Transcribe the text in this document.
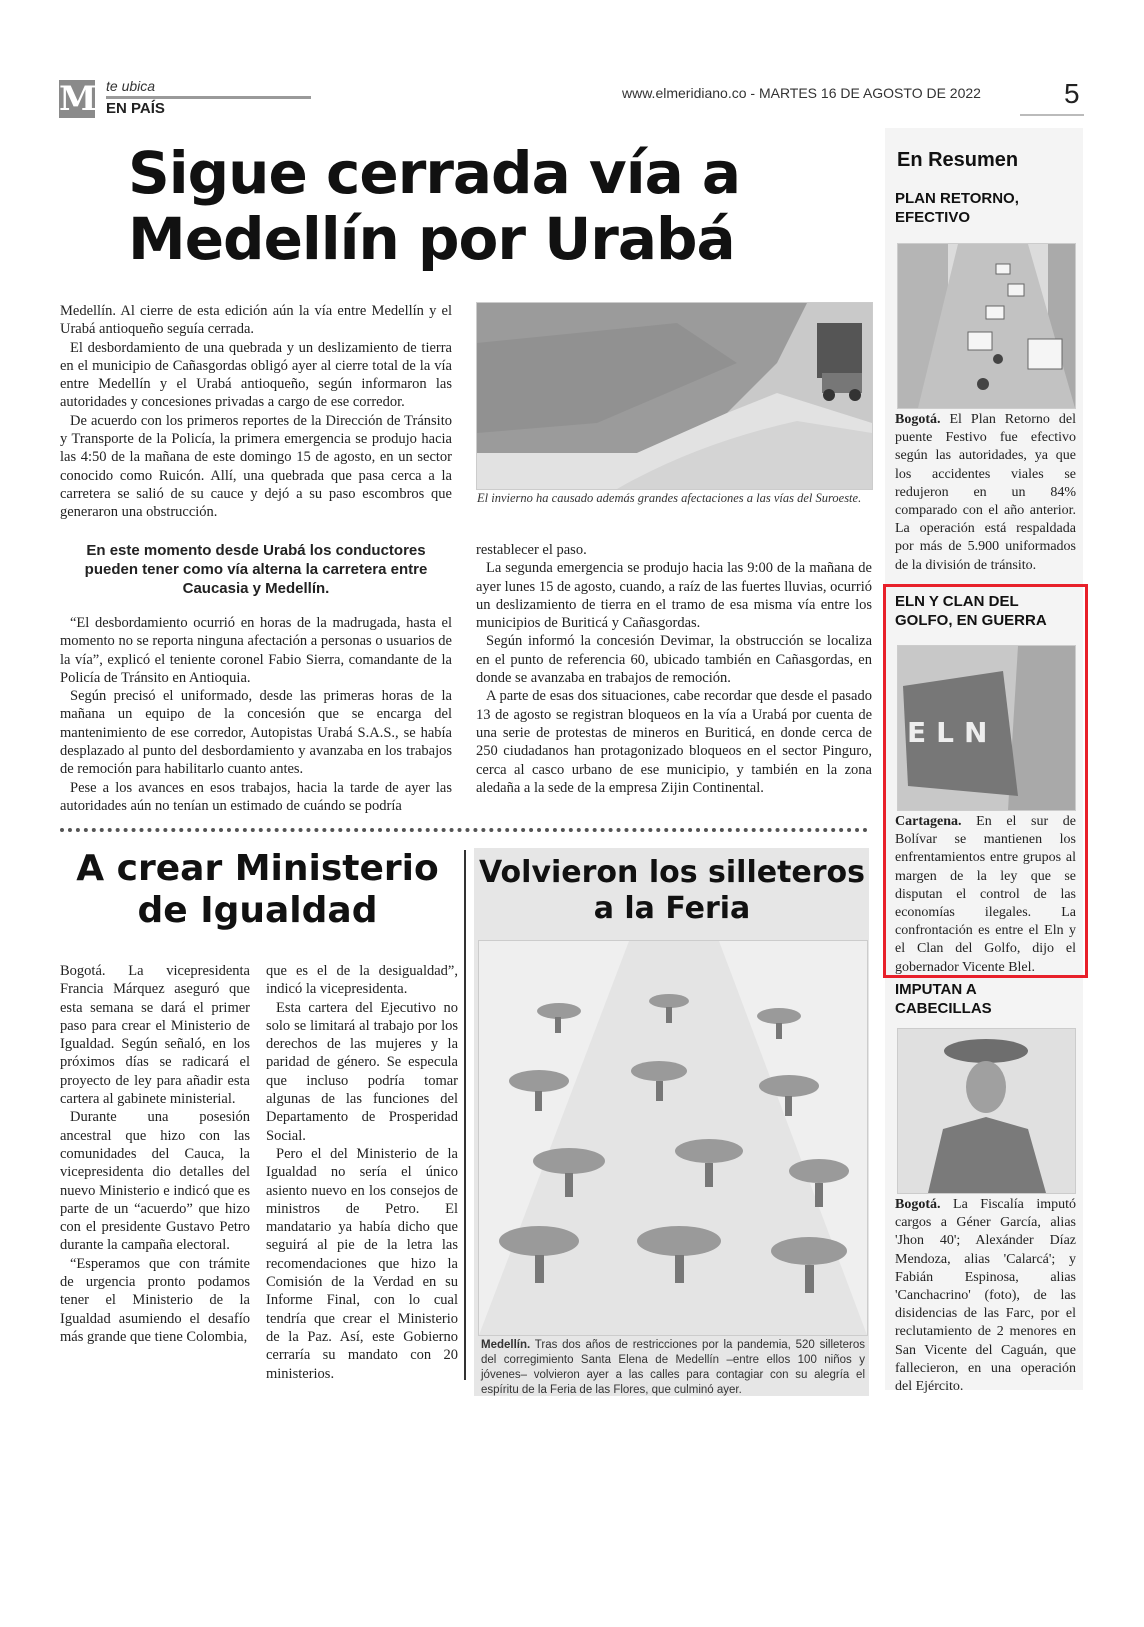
M te ubica
EN PAÍS
www.elmeridiano.co - MARTES 16 DE AGOSTO DE 2022	5
Sigue cerrada vía a Medellín por Urabá

Medellín. Al cierre de esta edición aún la vía entre Medellín y el Urabá antioqueño seguía cerrada.

El desbordamiento de una quebrada y un deslizamiento de tierra en el municipio de Cañasgordas obligó ayer al cierre total de la vía entre Medellín y el Urabá antioqueño, según informaron las autoridades y concesiones privadas a cargo de ese corredor.

De acuerdo con los primeros reportes de la Dirección de Tránsito y Transporte de la Policía, la primera emergencia se produjo hacia las 4:50 de la mañana de este domingo 15 de agosto, en un sector conocido como Ruicón. Allí, una quebrada que pasa cerca a la carretera se salió de su cauce y dejó a su paso escombros que generaron una obstrucción.

En este momento desde Urabá los conductores pueden tener como vía alterna la carretera entre Caucasia y Medellín.

“El desbordamiento ocurrió en horas de la madrugada, hasta el momento no se reporta ninguna afectación a personas o usuarios de la vía”, explicó el teniente coronel Fabio Sierra, comandante de la Policía de Tránsito en Antioquia.

Según precisó el uniformado, desde las primeras horas de la mañana un equipo de la concesión que se encarga del mantenimiento de ese corredor, Autopistas Urabá S.A.S., se había desplazado al punto del desbordamiento y avanzaba en los trabajos de remoción para habilitarlo cuanto antes.

Pese a los avances en esos trabajos, hacia la tarde de ayer las autoridades aún no tenían un estimado de cuándo se podría

El invierno ha causado además grandes afectaciones a las vías del Suroeste.

restablecer el paso.

La segunda emergencia se produjo hacia las 9:00 de la mañana de ayer lunes 15 de agosto, cuando, a raíz de las fuertes lluvias, ocurrió un deslizamiento de tierra en el tramo de esa misma vía entre los municipios de Buriticá y Cañasgordas.

Según informó la concesión Devimar, la obstrucción se localiza en el punto de referencia 60, ubicado también en Cañasgordas, en donde se avanzaba en trabajos de remoción.

A parte de esas dos situaciones, cabe recordar que desde el pasado 13 de agosto se registran bloqueos en la vía a Urabá por cuenta de una serie de protestas de mineros en Buriticá, en donde cerca de 250 ciudadanos han protagonizado bloqueos en el sector Pinguro, cerca al casco urbano de ese municipio, y también en la zona aledaña a la sede de la empresa Zijin Continental.

A crear Ministerio de Igualdad

Bogotá. La vicepresidenta Francia Márquez aseguró que esta semana se dará el primer paso para crear el Ministerio de Igualdad. Según señaló, en los próximos días se radicará el proyecto de ley para añadir esta cartera al gabinete ministerial.

Durante una posesión ancestral que hizo con las comunidades del Cauca, la vicepresidenta dio detalles del nuevo Ministerio e indicó que es parte de un “acuerdo” que hizo con el presidente Gustavo Petro durante la campaña electoral.

“Esperamos que con trámite de urgencia pronto podamos tener el Ministerio de la Igualdad asumiendo el desafío más grande que tiene Colombia,

que es el de la desigualdad”, indicó la vicepresidenta.

Esta cartera del Ejecutivo no solo se limitará al trabajo por los derechos de las mujeres y la paridad de género. Se especula que incluso podría tomar algunas de las funciones del Departamento de Prosperidad Social.

Pero el del Ministerio de la Igualdad no sería el único asiento nuevo en los consejos de ministros de Petro. El mandatario ya había dicho que seguirá al pie de la letra las recomendaciones que hizo la Comisión de la Verdad en su Informe Final, con lo cual tendría que crear el Ministerio de la Paz. Así, este Gobierno cerraría su mandato con 20 ministerios.

Volvieron los silleteros a la Feria
Medellín. Tras dos años de restricciones por la pandemia, 520 silleteros del corregimiento Santa Elena de Medellín –entre ellos 100 niños y jóvenes– volvieron ayer a las calles para contagiar con su alegría el espíritu de la Feria de las Flores, que culminó ayer.
En Resumen
PLAN RETORNO, EFECTIVO
Bogotá. El Plan Retorno del puente Festivo fue efectivo según las autoridades, ya que los accidentes viales se redujeron en un 84% comparado con el año anterior. La operación está respaldada por más de 5.900 uniformados de la división de tránsito.
ELN Y CLAN DEL GOLFO, EN GUERRA
ELN
Cartagena. En el sur de Bolívar se mantienen los enfrentamientos entre grupos al margen de la ley que se disputan el control de las economías ilegales. La confrontación es entre el Eln y el Clan del Golfo, dijo el gobernador Vicente Blel.
IMPUTAN A CABECILLAS
Bogotá. La Fiscalía imputó cargos a Géner García, alias 'Jhon 40'; Alexánder Díaz Mendoza, alias 'Calarcá'; y Fabián Espinosa, alias 'Canchacrino' (foto), de las disidencias de las Farc, por el reclutamiento de 2 menores en San Vicente del Caguán, que fallecieron, en una operación del Ejército.
